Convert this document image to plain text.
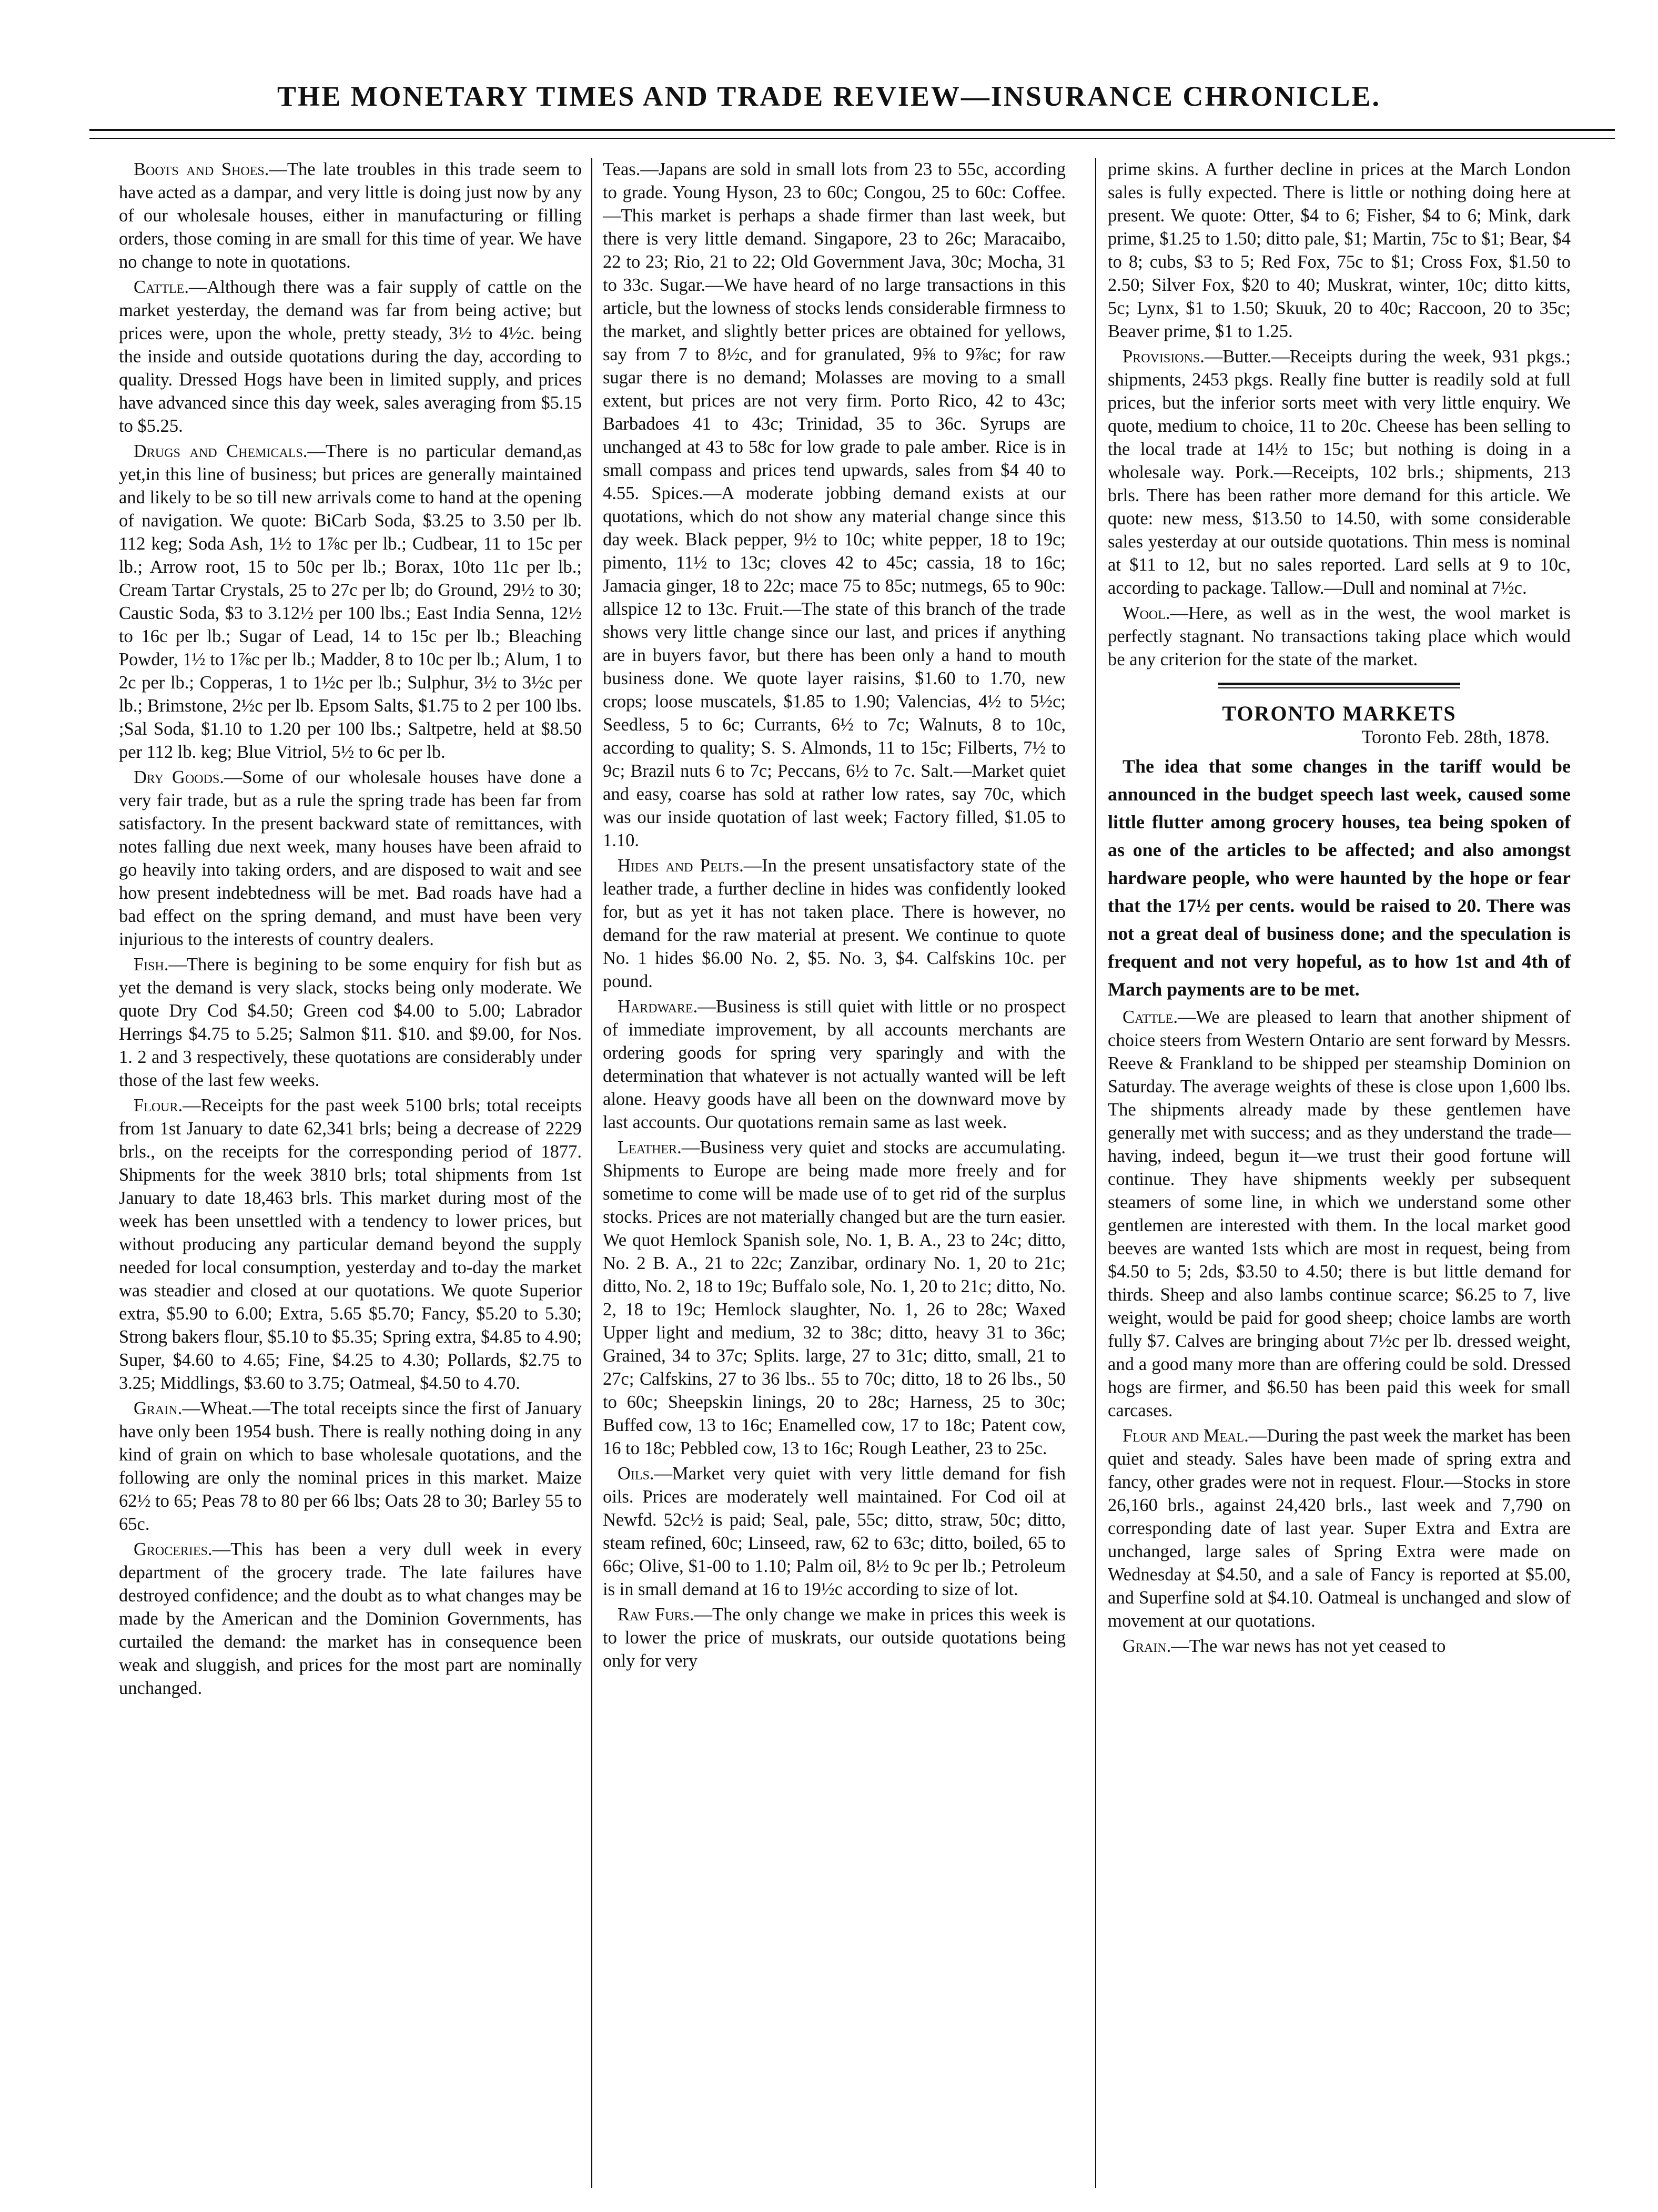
THE MONETARY TIMES AND TRADE REVIEW—INSURANCE CHRONICLE.

Boots and Shoes.—The late troubles in this trade seem to have acted as a dampar, and very little is doing just now by any of our wholesale houses, either in manufacturing or filling orders, those coming in are small for this time of year. We have no change to note in quotations.

Cattle.—Although there was a fair supply of cattle on the market yesterday, the demand was far from being active; but prices were, upon the whole, pretty steady, 3½ to 4½c. being the inside and outside quotations during the day, according to quality. Dressed Hogs have been in limited supply, and prices have advanced since this day week, sales averaging from $5.15 to $5.25.

Drugs and Chemicals.—There is no particular demand,as yet,in this line of business; but prices are generally maintained and likely to be so till new arrivals come to hand at the opening of navigation. We quote: BiCarb Soda, $3.25 to 3.50 per lb. 112 keg; Soda Ash, 1½ to 1⅞c per lb.; Cudbear, 11 to 15c per lb.; Arrow root, 15 to 50c per lb.; Borax, 10to 11c per lb.; Cream Tartar Crystals, 25 to 27c per lb; do Ground, 29½ to 30; Caustic Soda, $3 to 3.12½ per 100 lbs.; East India Senna, 12½ to 16c per lb.; Sugar of Lead, 14 to 15c per lb.; Bleaching Powder, 1½ to 1⅞c per lb.; Madder, 8 to 10c per lb.; Alum, 1 to 2c per lb.; Copperas, 1 to 1½c per lb.; Sulphur, 3½ to 3½c per lb.; Brimstone, 2½c per lb. Epsom Salts, $1.75 to 2 per 100 lbs. ;Sal Soda, $1.10 to 1.20 per 100 lbs.; Saltpetre, held at $8.50 per 112 lb. keg; Blue Vitriol, 5½ to 6c per lb.

Dry Goods.—Some of our wholesale houses have done a very fair trade, but as a rule the spring trade has been far from satisfactory. In the present backward state of remittances, with notes falling due next week, many houses have been afraid to go heavily into taking orders, and are disposed to wait and see how present indebtedness will be met. Bad roads have had a bad effect on the spring demand, and must have been very injurious to the interests of country dealers.

Fish.—There is begining to be some enquiry for fish but as yet the demand is very slack, stocks being only moderate. We quote Dry Cod $4.50; Green cod $4.00 to 5.00; Labrador Herrings $4.75 to 5.25; Salmon $11. $10. and $9.00, for Nos. 1. 2 and 3 respectively, these quotations are considerably under those of the last few weeks.

Flour.—Receipts for the past week 5100 brls; total receipts from 1st January to date 62,341 brls; being a decrease of 2229 brls., on the receipts for the corresponding period of 1877. Shipments for the week 3810 brls; total shipments from 1st January to date 18,463 brls. This market during most of the week has been unsettled with a tendency to lower prices, but without producing any particular demand beyond the supply needed for local consumption, yesterday and to-day the market was steadier and closed at our quotations. We quote Superior extra, $5.90 to 6.00; Extra, 5.65 $5.70; Fancy, $5.20 to 5.30; Strong bakers flour, $5.10 to $5.35; Spring extra, $4.85 to 4.90; Super, $4.60 to 4.65; Fine, $4.25 to 4.30; Pollards, $2.75 to 3.25; Middlings, $3.60 to 3.75; Oatmeal, $4.50 to 4.70.

Grain.—Wheat.—The total receipts since the first of January have only been 1954 bush. There is really nothing doing in any kind of grain on which to base wholesale quotations, and the following are only the nominal prices in this market. Maize 62½ to 65; Peas 78 to 80 per 66 lbs; Oats 28 to 30; Barley 55 to 65c.

Groceries.—This has been a very dull week in every department of the grocery trade. The late failures have destroyed confidence; and the doubt as to what changes may be made by the American and the Dominion Governments, has curtailed the demand: the market has in consequence been weak and sluggish, and prices for the most part are nominally unchanged.

Teas.—Japans are sold in small lots from 23 to 55c, according to grade. Young Hyson, 23 to 60c; Congou, 25 to 60c: Coffee.—This market is perhaps a shade firmer than last week, but there is very little demand. Singapore, 23 to 26c; Maracaibo, 22 to 23; Rio, 21 to 22; Old Government Java, 30c; Mocha, 31 to 33c. Sugar.—We have heard of no large transactions in this article, but the lowness of stocks lends considerable firmness to the market, and slightly better prices are obtained for yellows, say from 7 to 8½c, and for granulated, 9⅝ to 9⅞c; for raw sugar there is no demand; Molasses are moving to a small extent, but prices are not very firm. Porto Rico, 42 to 43c; Barbadoes 41 to 43c; Trinidad, 35 to 36c. Syrups are unchanged at 43 to 58c for low grade to pale amber. Rice is in small compass and prices tend upwards, sales from $4 40 to 4.55. Spices.—A moderate jobbing demand exists at our quotations, which do not show any material change since this day week. Black pepper, 9½ to 10c; white pepper, 18 to 19c; pimento, 11½ to 13c; cloves 42 to 45c; cassia, 18 to 16c; Jamacia ginger, 18 to 22c; mace 75 to 85c; nutmegs, 65 to 90c: allspice 12 to 13c. Fruit.—The state of this branch of the trade shows very little change since our last, and prices if anything are in buyers favor, but there has been only a hand to mouth business done. We quote layer raisins, $1.60 to 1.70, new crops; loose muscatels, $1.85 to 1.90; Valencias, 4½ to 5½c; Seedless, 5 to 6c; Currants, 6½ to 7c; Walnuts, 8 to 10c, according to quality; S. S. Almonds, 11 to 15c; Filberts, 7½ to 9c; Brazil nuts 6 to 7c; Peccans, 6½ to 7c. Salt.—Market quiet and easy, coarse has sold at rather low rates, say 70c, which was our inside quotation of last week; Factory filled, $1.05 to 1.10.

Hides and Pelts.—In the present unsatisfactory state of the leather trade, a further decline in hides was confidently looked for, but as yet it has not taken place. There is however, no demand for the raw material at present. We continue to quote No. 1 hides $6.00 No. 2, $5. No. 3, $4. Calfskins 10c. per pound.

Hardware.—Business is still quiet with little or no prospect of immediate improvement, by all accounts merchants are ordering goods for spring very sparingly and with the determination that whatever is not actually wanted will be left alone. Heavy goods have all been on the downward move by last accounts. Our quotations remain same as last week.

Leather.—Business very quiet and stocks are accumulating. Shipments to Europe are being made more freely and for sometime to come will be made use of to get rid of the surplus stocks. Prices are not materially changed but are the turn easier. We quot Hemlock Spanish sole, No. 1, B. A., 23 to 24c; ditto, No. 2 B. A., 21 to 22c; Zanzibar, ordinary No. 1, 20 to 21c; ditto, No. 2, 18 to 19c; Buffalo sole, No. 1, 20 to 21c; ditto, No. 2, 18 to 19c; Hemlock slaughter, No. 1, 26 to 28c; Waxed Upper light and medium, 32 to 38c; ditto, heavy 31 to 36c; Grained, 34 to 37c; Splits. large, 27 to 31c; ditto, small, 21 to 27c; Calfskins, 27 to 36 lbs.. 55 to 70c; ditto, 18 to 26 lbs., 50 to 60c; Sheepskin linings, 20 to 28c; Harness, 25 to 30c; Buffed cow, 13 to 16c; Enamelled cow, 17 to 18c; Patent cow, 16 to 18c; Pebbled cow, 13 to 16c; Rough Leather, 23 to 25c.

Oils.—Market very quiet with very little demand for fish oils. Prices are moderately well maintained. For Cod oil at Newfd. 52c½ is paid; Seal, pale, 55c; ditto, straw, 50c; ditto, steam refined, 60c; Linseed, raw, 62 to 63c; ditto, boiled, 65 to 66c; Olive, $1-00 to 1.10; Palm oil, 8½ to 9c per lb.; Petroleum is in small demand at 16 to 19½c according to size of lot.

Raw Furs.—The only change we make in prices this week is to lower the price of muskrats, our outside quotations being only for very

prime skins. A further decline in prices at the March London sales is fully expected. There is little or nothing doing here at present. We quote: Otter, $4 to 6; Fisher, $4 to 6; Mink, dark prime, $1.25 to 1.50; ditto pale, $1; Martin, 75c to $1; Bear, $4 to 8; cubs, $3 to 5; Red Fox, 75c to $1; Cross Fox, $1.50 to 2.50; Silver Fox, $20 to 40; Muskrat, winter, 10c; ditto kitts, 5c; Lynx, $1 to 1.50; Skuuk, 20 to 40c; Raccoon, 20 to 35c; Beaver prime, $1 to 1.25.

Provisions.—Butter.—Receipts during the week, 931 pkgs.; shipments, 2453 pkgs. Really fine butter is readily sold at full prices, but the inferior sorts meet with very little enquiry. We quote, medium to choice, 11 to 20c. Cheese has been selling to the local trade at 14½ to 15c; but nothing is doing in a wholesale way. Pork.—Receipts, 102 brls.; shipments, 213 brls. There has been rather more demand for this article. We quote: new mess, $13.50 to 14.50, with some considerable sales yesterday at our outside quotations. Thin mess is nominal at $11 to 12, but no sales reported. Lard sells at 9 to 10c, according to package. Tallow.—Dull and nominal at 7½c.

Wool.—Here, as well as in the west, the wool market is perfectly stagnant. No transactions taking place which would be any criterion for the state of the market.

TORONTO MARKETS
Toronto Feb. 28th, 1878.

The idea that some changes in the tariff would be announced in the budget speech last week, caused some little flutter among grocery houses, tea being spoken of as one of the articles to be affected; and also amongst hardware people, who were haunted by the hope or fear that the 17½ per cents. would be raised to 20. There was not a great deal of business done; and the speculation is frequent and not very hopeful, as to how 1st and 4th of March payments are to be met.

Cattle.—We are pleased to learn that another shipment of choice steers from Western Ontario are sent forward by Messrs. Reeve & Frankland to be shipped per steamship Dominion on Saturday. The average weights of these is close upon 1,600 lbs. The shipments already made by these gentlemen have generally met with success; and as they understand the trade—having, indeed, begun it—we trust their good fortune will continue. They have shipments weekly per subsequent steamers of some line, in which we understand some other gentlemen are interested with them. In the local market good beeves are wanted 1sts which are most in request, being from $4.50 to 5; 2ds, $3.50 to 4.50; there is but little demand for thirds. Sheep and also lambs continue scarce; $6.25 to 7, live weight, would be paid for good sheep; choice lambs are worth fully $7. Calves are bringing about 7½c per lb. dressed weight, and a good many more than are offering could be sold. Dressed hogs are firmer, and $6.50 has been paid this week for small carcases.

Flour and Meal.—During the past week the market has been quiet and steady. Sales have been made of spring extra and fancy, other grades were not in request. Flour.—Stocks in store 26,160 brls., against 24,420 brls., last week and 7,790 on corresponding date of last year. Super Extra and Extra are unchanged, large sales of Spring Extra were made on Wednesday at $4.50, and a sale of Fancy is reported at $5.00, and Superfine sold at $4.10. Oatmeal is unchanged and slow of movement at our quotations.

Grain.—The war news has not yet ceased to
